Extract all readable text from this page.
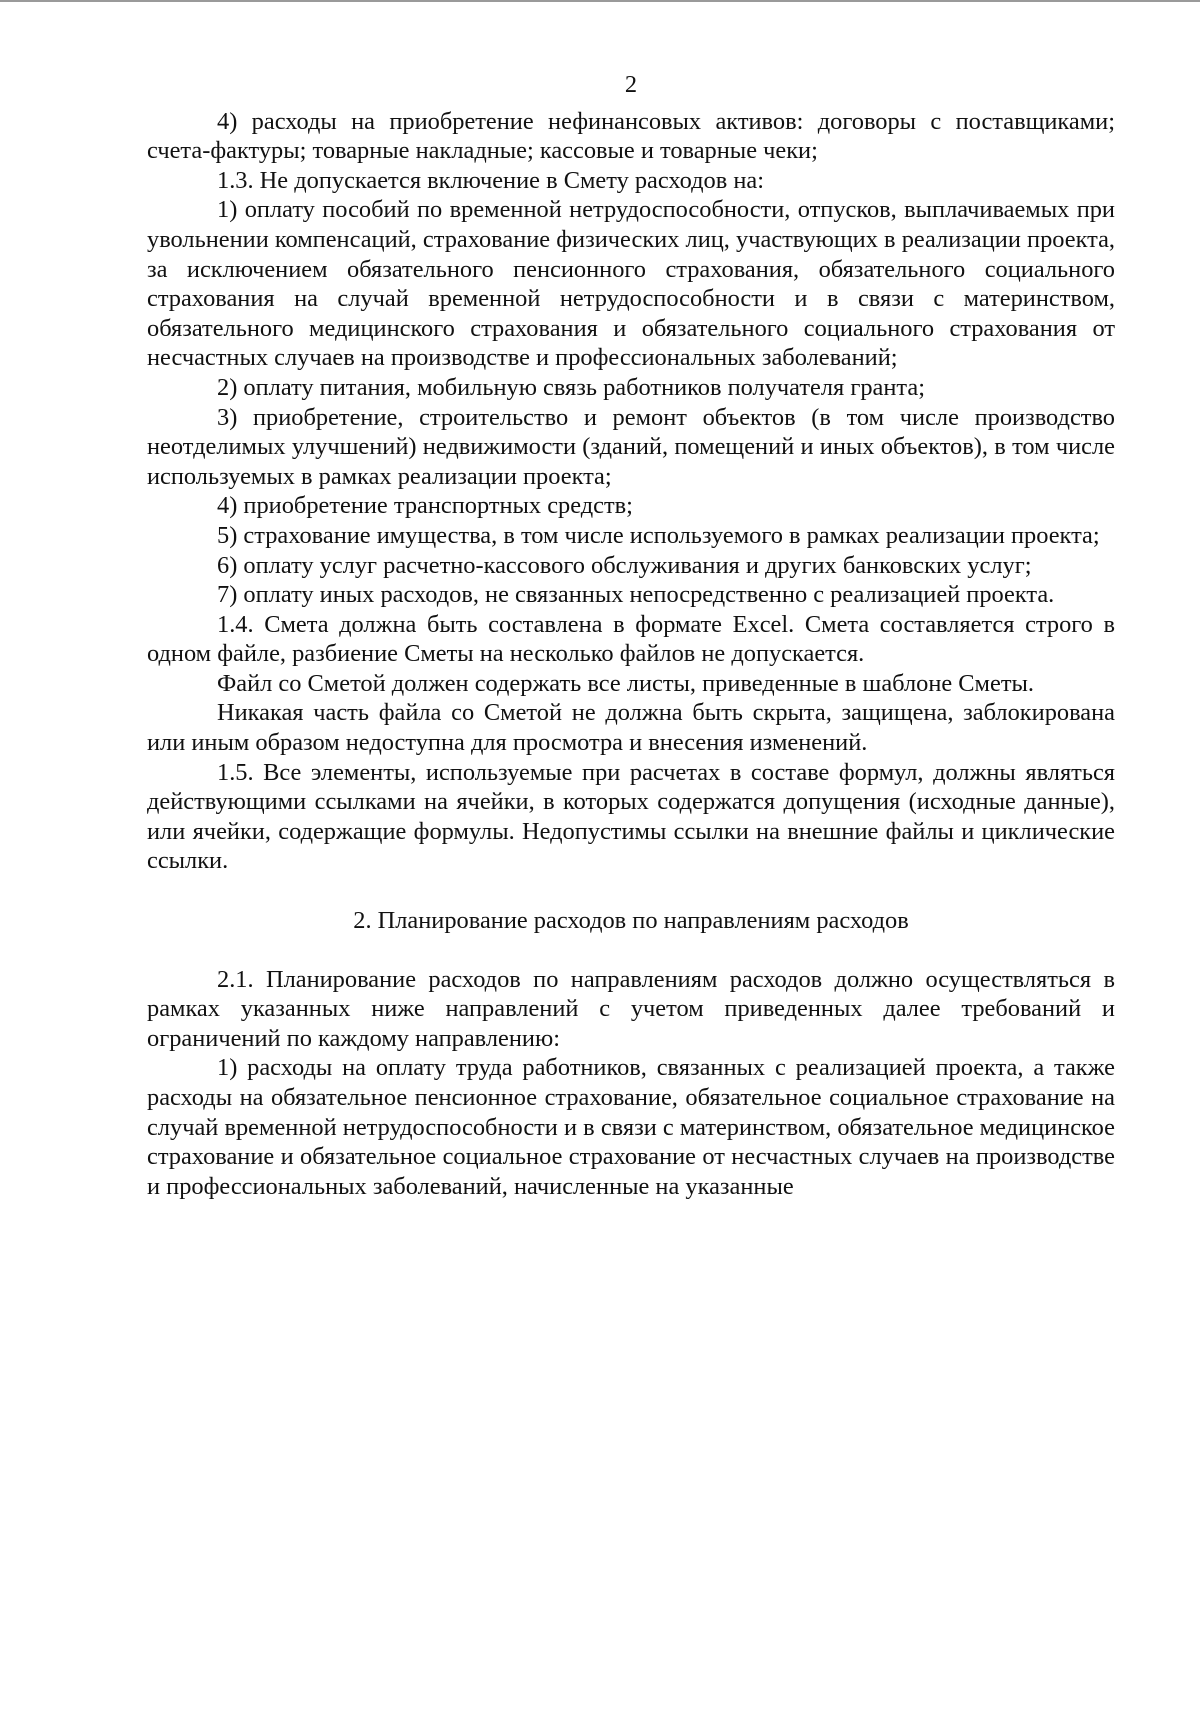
2

4) расходы на приобретение нефинансовых активов: договоры с поставщиками; счета-фактуры; товарные накладные; кассовые и товарные чеки;

1.3. Не допускается включение в Смету расходов на:

1) оплату пособий по временной нетрудоспособности, отпусков, выплачиваемых при увольнении компенсаций, страхование физических лиц, участвующих в реализации проекта, за исключением обязательного пенсионного страхования, обязательного социального страхования на случай временной нетрудоспособности и в связи с материнством, обязательного медицинского страхования и обязательного социального страхования от несчастных случаев на производстве и профессиональных заболеваний;

2) оплату питания, мобильную связь работников получателя гранта;

3) приобретение, строительство и ремонт объектов (в том числе производство неотделимых улучшений) недвижимости (зданий, помещений и иных объектов), в том числе используемых в рамках реализации проекта;

4) приобретение транспортных средств;

5) страхование имущества, в том числе используемого в рамках реализации проекта;

6) оплату услуг расчетно-кассового обслуживания и других банковских услуг;

7) оплату иных расходов, не связанных непосредственно с реализацией проекта.

1.4. Смета должна быть составлена в формате Excel. Смета составляется строго в одном файле, разбиение Сметы на несколько файлов не допускается.

Файл со Сметой должен содержать все листы, приведенные в шаблоне Сметы.

Никакая часть файла со Сметой не должна быть скрыта, защищена, заблокирована или иным образом недоступна для просмотра и внесения изменений.

1.5. Все элементы, используемые при расчетах в составе формул, должны являться действующими ссылками на ячейки, в которых содержатся допущения (исходные данные), или ячейки, содержащие формулы. Недопустимы ссылки на внешние файлы и циклические ссылки.

2. Планирование расходов по направлениям расходов

2.1. Планирование расходов по направлениям расходов должно осуществляться в рамках указанных ниже направлений с учетом приведенных далее требований и ограничений по каждому направлению:

1) расходы на оплату труда работников, связанных с реализацией проекта, а также расходы на обязательное пенсионное страхование, обязательное социальное страхование на случай временной нетрудоспособности и в связи с материнством, обязательное медицинское страхование и обязательное социальное страхование от несчастных случаев на производстве и профессиональных заболеваний, начисленные на указанные
